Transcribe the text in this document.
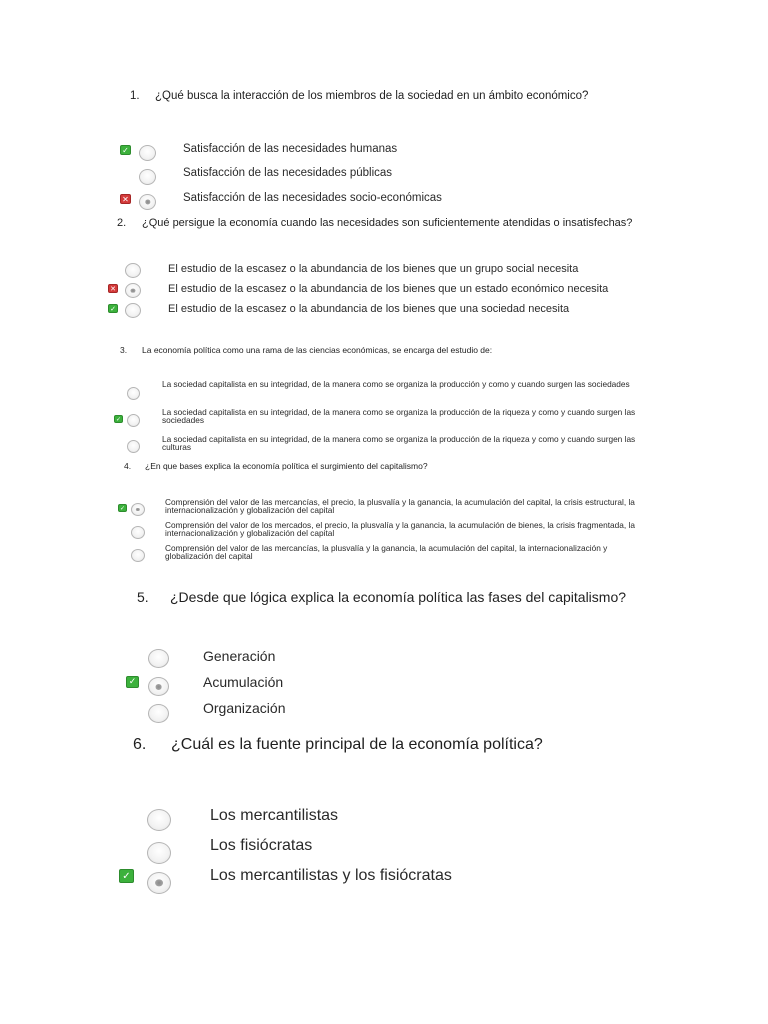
1. ¿Qué busca la interacción de los miembros de la sociedad en un ámbito económico?
✓	Satisfacción de las necesidades humanas
Satisfacción de las necesidades públicas
✕	Satisfacción de las necesidades socio-económicas
2. ¿Qué persigue la economía cuando las necesidades son suficientemente atendidas o insatisfechas?
El estudio de la escasez o la abundancia de los bienes que un grupo social necesita
✕	El estudio de la escasez o la abundancia de los bienes que un estado económico necesita
✓	El estudio de la escasez o la abundancia de los bienes que una sociedad necesita
3. La economía política como una rama de las ciencias económicas, se encarga del estudio de:
La sociedad capitalista en su integridad, de la manera como se organiza la producción y como y cuando surgen las sociedades
✓
La sociedad capitalista en su integridad, de la manera como se organiza la producción de la riqueza y como y cuando surgen las sociedades
La sociedad capitalista en su integridad, de la manera como se organiza la producción de la riqueza y como y cuando surgen las culturas
4. ¿En que bases explica la economía política el surgimiento del capitalismo?
✓
Comprensión del valor de las mercancías, el precio, la plusvalía y la ganancia, la acumulación del capital, la crisis estructural, la internacionalización y globalización del capital
Comprensión del valor de los mercados, el precio, la plusvalía y la ganancia, la acumulación de bienes, la crisis fragmentada, la internacionalización y globalización del capital
Comprensión del valor de las mercancías, la plusvalía y la ganancia, la acumulación del capital, la internacionalización y globalización del capital
5. ¿Desde que lógica explica la economía política las fases del capitalismo?
Generación
✓	Acumulación
Organización
6. ¿Cuál es la fuente principal de la economía política?
Los mercantilistas
Los fisiócratas
✓	Los mercantilistas y los fisiócratas
